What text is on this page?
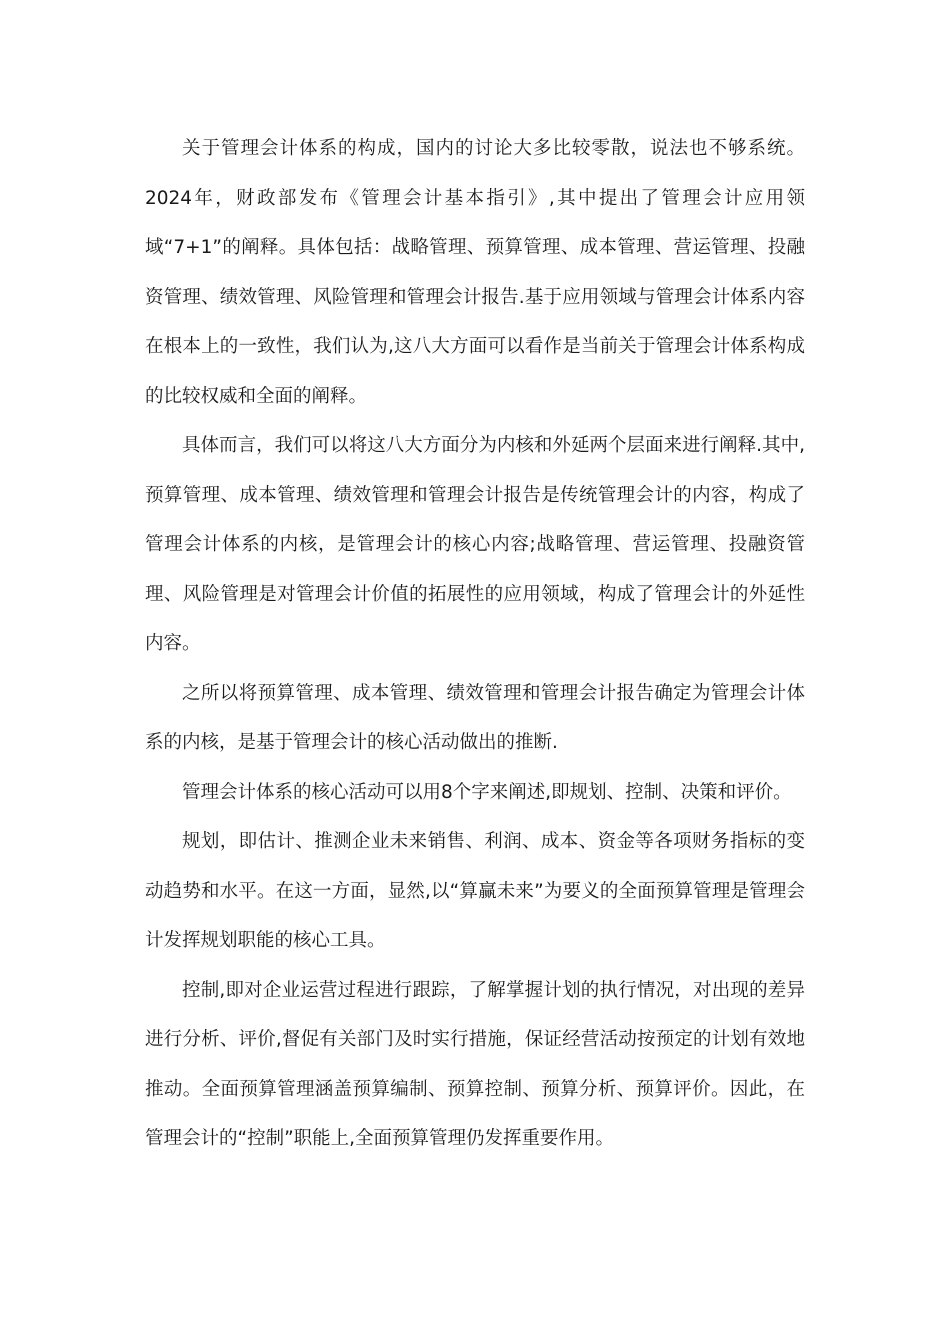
关于管理会计体系的构成，国内的讨论大多比较零散，说法也不够系统。2024年，财政部发布《管理会计基本指引》,其中提出了管理会计应用领域“7+1”的阐释。具体包括：战略管理、预算管理、成本管理、营运管理、投融资管理、绩效管理、风险管理和管理会计报告.基于应用领域与管理会计体系内容在根本上的一致性，我们认为,这八大方面可以看作是当前关于管理会计体系构成的比较权威和全面的阐释。

具体而言，我们可以将这八大方面分为内核和外延两个层面来进行阐释.其中,预算管理、成本管理、绩效管理和管理会计报告是传统管理会计的内容，构成了管理会计体系的内核，是管理会计的核心内容;战略管理、营运管理、投融资管理、风险管理是对管理会计价值的拓展性的应用领域，构成了管理会计的外延性内容。

之所以将预算管理、成本管理、绩效管理和管理会计报告确定为管理会计体系的内核，是基于管理会计的核心活动做出的推断.

管理会计体系的核心活动可以用8个字来阐述,即规划、控制、决策和评价。

规划，即估计、推测企业未来销售、利润、成本、资金等各项财务指标的变动趋势和水平。在这一方面，显然,以“算赢未来”为要义的全面预算管理是管理会计发挥规划职能的核心工具。

控制,即对企业运营过程进行跟踪，了解掌握计划的执行情况，对出现的差异进行分析、评价,督促有关部门及时实行措施，保证经营活动按预定的计划有效地推动。全面预算管理涵盖预算编制、预算控制、预算分析、预算评价。因此，在管理会计的“控制”职能上,全面预算管理仍发挥重要作用。
